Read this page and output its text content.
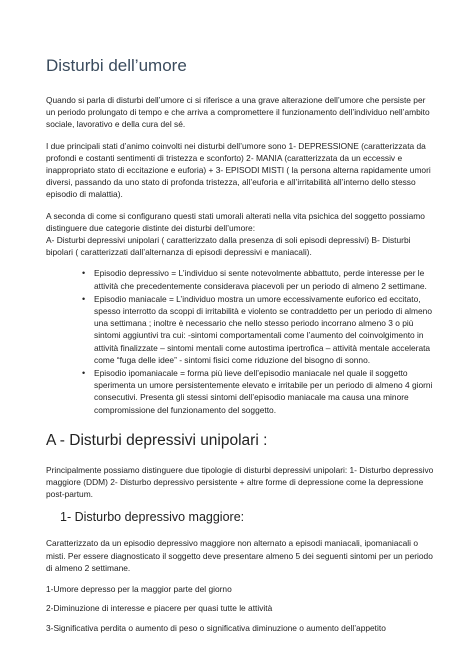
Disturbi dell’umore

Quando si parla di disturbi dell’umore ci si riferisce a una grave alterazione dell’umore che persiste per un periodo prolungato di tempo e che arriva a compromettere il funzionamento dell’individuo nell’ambito sociale, lavorativo e della cura del sé.

I due principali stati d’animo coinvolti nei disturbi dell’umore sono 1- DEPRESSIONE (caratterizzata da profondi e costanti sentimenti di tristezza e sconforto) 2- MANIA (caratterizzata da un eccessiv e inappropriato stato di eccitazione e euforia) + 3- EPISODI MISTI ( la persona alterna rapidamente umori diversi, passando da uno stato di profonda tristezza, all’euforia e all’irritabilità all’interno dello stesso episodio di malattia).

A seconda di come si configurano questi stati umorali alterati nella vita psichica del soggetto possiamo distinguere due categorie distinte dei disturbi dell’umore:
A- Disturbi depressivi unipolari ( caratterizzato dalla presenza di soli episodi depressivi) B- Disturbi bipolari ( caratterizzati dall’alternanza di episodi depressivi e maniacali).

• Episodio depressivo = L’individuo si sente notevolmente abbattuto, perde interesse per le attività che precedentemente considerava piacevoli per un periodo di almeno 2 settimane.
• Episodio maniacale = L’individuo mostra un umore eccessivamente euforico ed eccitato, spesso interrotto da scoppi di irritabilità e violento se contraddetto per un periodo di almeno una settimana ; inoltre è necessario che nello stesso periodo incorrano almeno 3 o più sintomi aggiuntivi tra cui: -sintomi comportamentali come l’aumento del coinvolgimento in attività finalizzate – sintomi mentali come autostima ipertrofica – attività mentale accelerata come “fuga delle idee” - sintomi fisici come riduzione del bisogno di sonno.
• Episodio ipomaniacale = forma più lieve dell’episodio maniacale nel quale il soggetto sperimenta un umore persistentemente elevato e irritabile per un periodo di almeno 4 giorni consecutivi. Presenta gli stessi sintomi dell’episodio maniacale ma causa una minore compromissione del funzionamento del soggetto.
A - Disturbi depressivi unipolari :

Principalmente possiamo distinguere due tipologie di disturbi depressivi unipolari: 1- Disturbo depressivo maggiore (DDM) 2- Disturbo depressivo persistente + altre forme di depressione come la depressione post-partum.

1- Disturbo depressivo maggiore:

Caratterizzato da un episodio depressivo maggiore non alternato a episodi maniacali, ipomaniacali o misti. Per essere diagnosticato il soggetto deve presentare almeno 5 dei seguenti sintomi per un periodo di almeno 2 settimane.

1-Umore depresso per la maggior parte del giorno

2-Diminuzione di interesse e piacere per quasi tutte le attività

3-Significativa perdita o aumento di peso o significativa diminuzione o aumento dell’appetito
